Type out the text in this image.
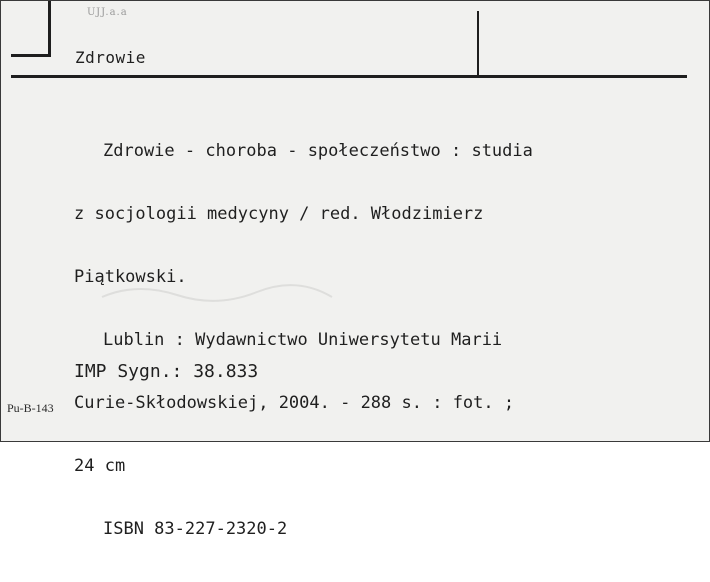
UJJ.a.a
Zdrowie

Zdrowie - choroba - społeczeństwo : studia

z socjologii medycyny / red. Włodzimierz

Piątkowski.

Lublin : Wydawnictwo Uniwersytetu Marii

Curie-Skłodowskiej, 2004. - 288 s. : fot. ;

24 cm

ISBN 83-227-2320-2

IMP Sygn.: 38.833
Pu-B-143
